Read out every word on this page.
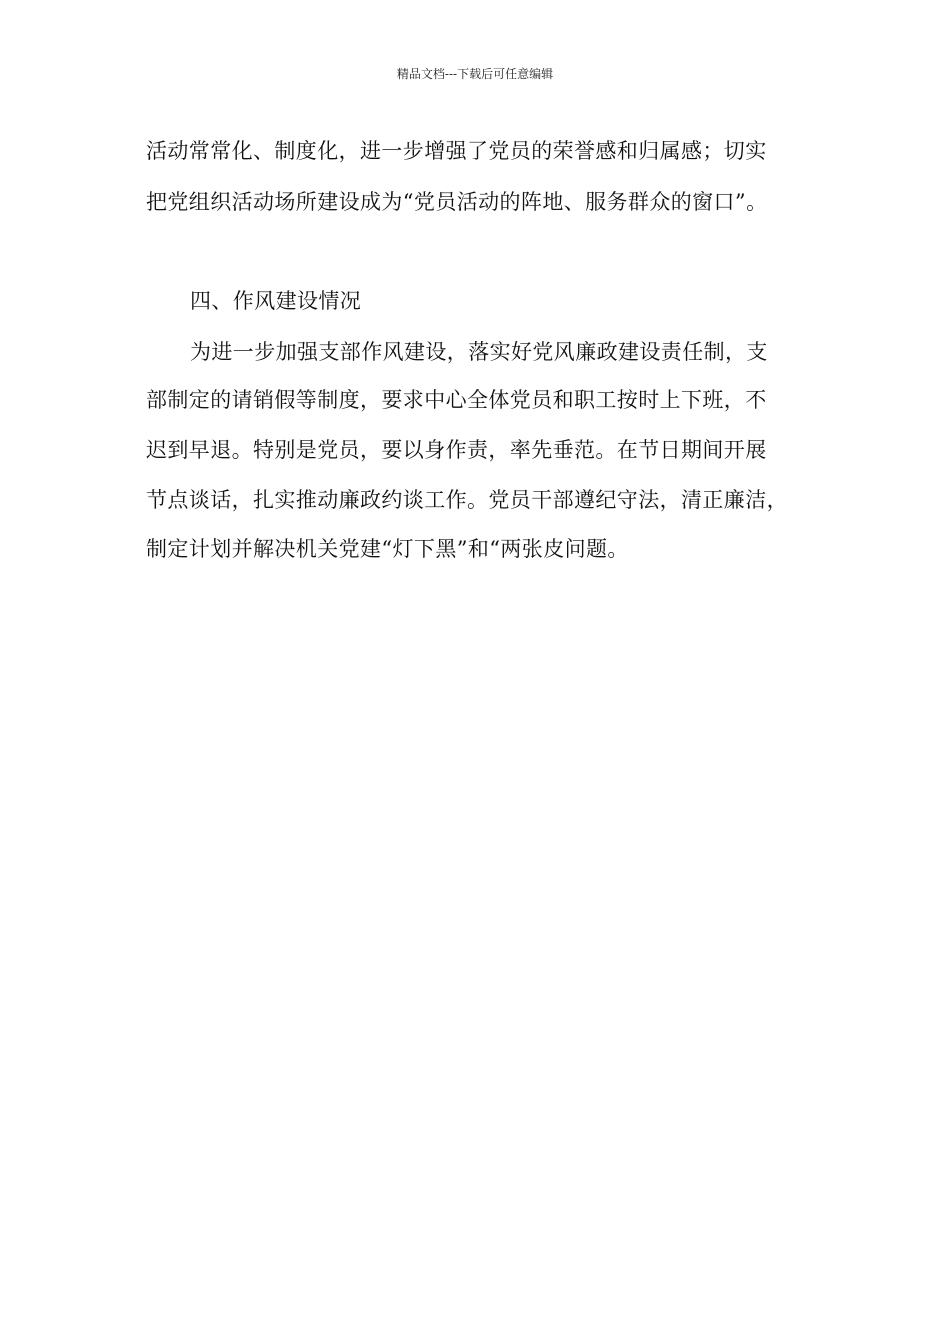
精品文档---下载后可任意编辑
活动常常化、制度化，进一步增强了党员的荣誉感和归属感；切实
把党组织活动场所建设成为“党员活动的阵地、服务群众的窗口”。
四、作风建设情况
为进一步加强支部作风建设，落实好党风廉政建设责任制，支
部制定的请销假等制度，要求中心全体党员和职工按时上下班，不
迟到早退。特别是党员，要以身作责，率先垂范。在节日期间开展
节点谈话，扎实推动廉政约谈工作。党员干部遵纪守法，清正廉洁，
制定计划并解决机关党建“灯下黑”和“两张皮问题。
